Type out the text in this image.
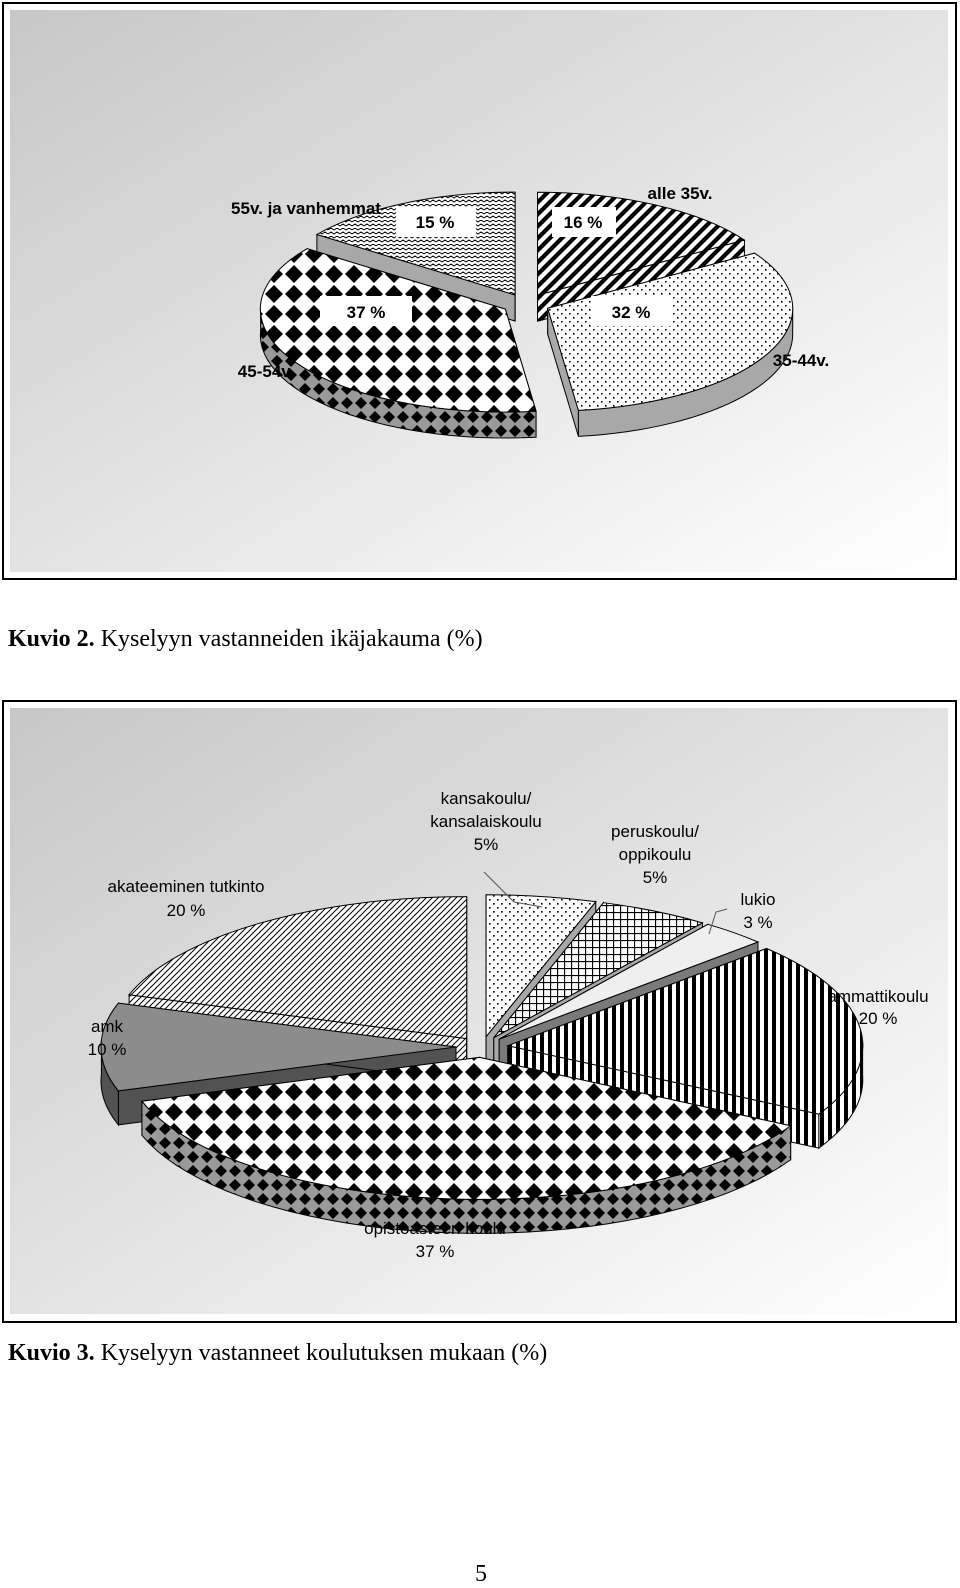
16 %
alle 35v.
32 %
35-44v.
37 %
45-54v.
15 %
55v. ja vanhemmat
Kuvio 2. Kyselyyn vastanneiden ikäjakauma (%)
kansakoulu/
kansalaiskoulu
5%
peruskoulu/
oppikoulu
5%
lukio
3 %
ammattikoulu
20 %
opistoasteen koulu
37 %
amk
10 %
akateeminen tutkinto
20 %
Kuvio 3. Kyselyyn vastanneet koulutuksen mukaan (%)
5
